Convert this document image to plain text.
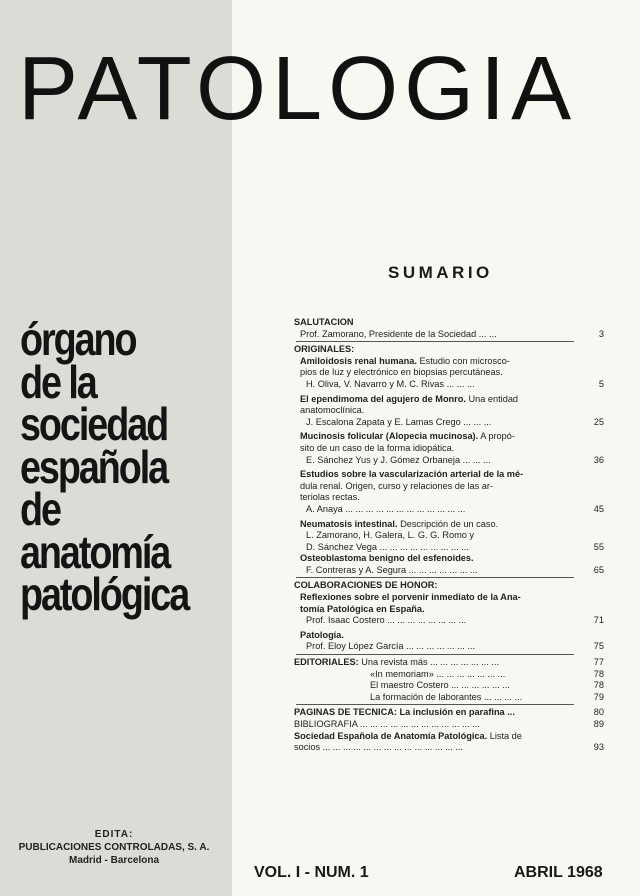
PATOLOGIA
órgano
de la
sociedad
española
de
anatomía
patológica
EDITA:
PUBLICACIONES CONTROLADAS, S. A.
Madrid - Barcelona
VOL. I - NUM. 1	ABRIL 1968
SUMARIO
SALUTACION
Prof. Zamorano, Presidente de la Sociedad ... ...	3
ORIGINALES:
Amiloidosis renal humana. Estudio con microsco-
pios de luz y electrónico en biopsias percutáneas.
H. Oliva, V. Navarro y M. C. Rivas ... ... ...	5
El ependimoma del agujero de Monro. Una entidad
anatomoclínica.
J. Escalona Zapata y E. Lamas Crego ... ... ...	25
Mucinosis folicular (Alopecia mucinosa). A propó-
sito de un caso de la forma idiopática.
E. Sánchez Yus y J. Gómez Orbaneja ... ... ...	36
Estudios sobre la vascularización arterial de la mé-
dula renal. Origen, curso y relaciones de las ar-
teriolas rectas.
A. Anaya ... ... ... ... ... ... ... ... ... ... ... ...	45
Neumatosis intestinal. Descripción de un caso.
L. Zamorano, H. Galera, L. G. G. Romo y
D. Sánchez Vega ... ... ... ... ... ... ... ... ...	55
Osteoblastoma benigno del esfenoides.
F. Contreras y A. Segura ... ... ... ... ... ... ...	65
COLABORACIONES DE HONOR:
Reflexiones sobre el porvenir inmediato de la Ana-
tomía Patológica en España.
Prof. Isaac Costero ... ... ... ... ... ... ... ...	71
Patología.
Prof. Eloy López García ... ... ... ... ... ... ...	75
EDITORIALES: Una revista más ... ... ... ... ... ... ...	77
«In memoriam» ... ... ... ... ... ... ...	78
El maestro Costero ... ... ... ... ... ...	78
La formación de laborantes ... ... ... ...	79
PAGINAS DE TECNICA: La inclusión en parafina ...	80
BIBLIOGRAFIA ... ... ... ... ... ... ... ... ... ... ... ...	89
Sociedad Española de Anatomía Patológica. Lista de
socios ... ... ... ... ... ... ... ... ... ... ... ... ... ...	93
